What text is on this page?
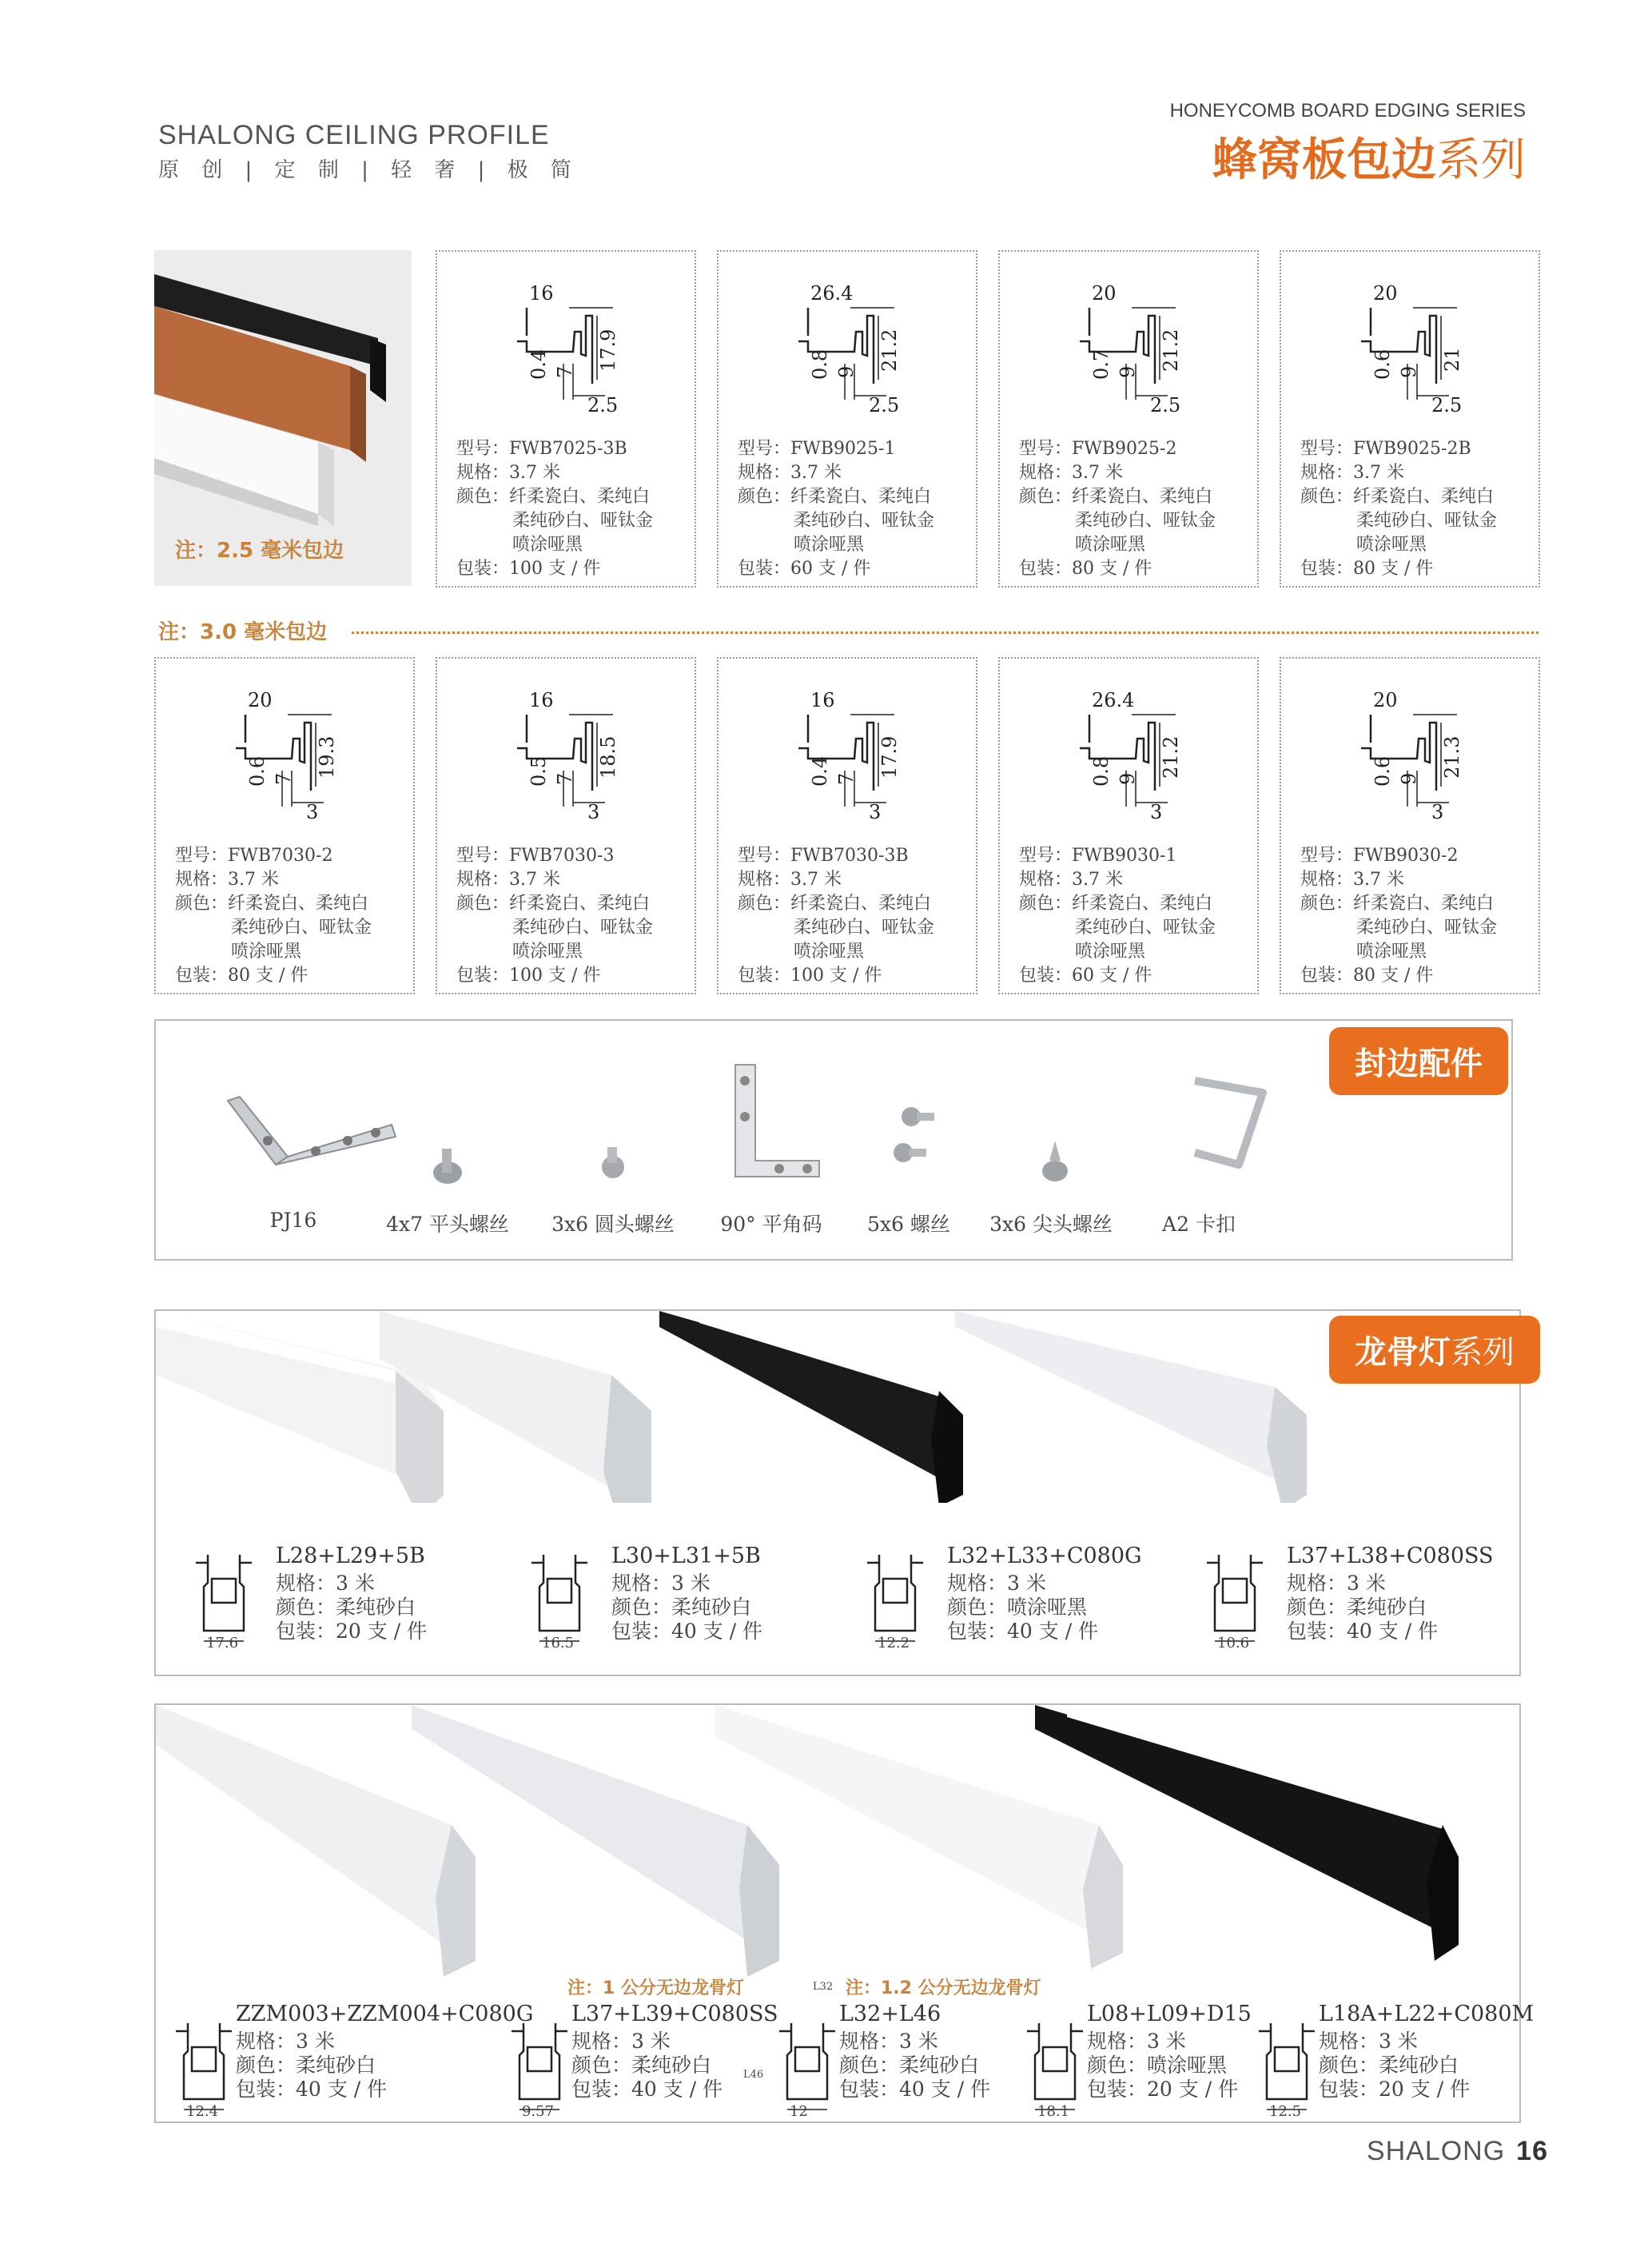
SHALONG CEILING PROFILE
原 创 | 定 制 | 轻 奢 | 极 简
HONEYCOMB BOARD EDGING SERIES
蜂窝板包边系列
注：2.5 毫米包边
16
17.9
0.4 7
2.5
型号：FWB7025-3B
规格：3.7 米
颜色：纤柔瓷白、柔纯白
柔纯砂白、哑钛金
喷涂哑黑
包装：100 支 / 件
26.4
21.2
0.8 9
2.5
型号：FWB9025-1
规格：3.7 米
颜色：纤柔瓷白、柔纯白
柔纯砂白、哑钛金
喷涂哑黑
包装：60 支 / 件
20
21.2
0.7 9
2.5
型号：FWB9025-2
规格：3.7 米
颜色：纤柔瓷白、柔纯白
柔纯砂白、哑钛金
喷涂哑黑
包装：80 支 / 件
20
21
0.6 9
2.5
型号：FWB9025-2B
规格：3.7 米
颜色：纤柔瓷白、柔纯白
柔纯砂白、哑钛金
喷涂哑黑
包装：80 支 / 件
注：3.0 毫米包边
20
19.3
0.6 7
3
型号：FWB7030-2
规格：3.7 米
颜色：纤柔瓷白、柔纯白
柔纯砂白、哑钛金
喷涂哑黑
包装：80 支 / 件
16
18.5
0.5 7
3
型号：FWB7030-3
规格：3.7 米
颜色：纤柔瓷白、柔纯白
柔纯砂白、哑钛金
喷涂哑黑
包装：100 支 / 件
16
17.9
0.4 7
3
型号：FWB7030-3B
规格：3.7 米
颜色：纤柔瓷白、柔纯白
柔纯砂白、哑钛金
喷涂哑黑
包装：100 支 / 件
26.4
21.2
0.8 9
3
型号：FWB9030-1
规格：3.7 米
颜色：纤柔瓷白、柔纯白
柔纯砂白、哑钛金
喷涂哑黑
包装：60 支 / 件
20
21.3
0.6 9
3
型号：FWB9030-2
规格：3.7 米
颜色：纤柔瓷白、柔纯白
柔纯砂白、哑钛金
喷涂哑黑
包装：80 支 / 件
封边配件
PJ16	4x7 平头螺丝 3x6 圆头螺丝 90° 平角码 5x6 螺丝 3x6 尖头螺丝 A2 卡扣
龙骨灯系列
17.6
L28+L29+5B
规格：3 米
颜色：柔纯砂白
包装：20 支 / 件
16.5
L30+L31+5B
规格：3 米
颜色：柔纯砂白
包装：40 支 / 件
12.2
L32+L33+C080G
规格：3 米
颜色：喷涂哑黑
包装：40 支 / 件
10.6
L37+L38+C080SS
规格：3 米
颜色：柔纯砂白
包装：40 支 / 件
注：1 公分无边龙骨灯	注：1.2 公分无边龙骨灯
L32
L46
12.4
ZZM003+ZZM004+C080G
规格：3 米
颜色：柔纯砂白
包装：40 支 / 件
9.57
L37+L39+C080SS
规格：3 米
颜色：柔纯砂白
包装：40 支 / 件
12
L32+L46
规格：3 米
颜色：柔纯砂白
包装：40 支 / 件
18.1
L08+L09+D15
规格：3 米
颜色：喷涂哑黑
包装：20 支 / 件
12.5
L18A+L22+C080M
规格：3 米
颜色：柔纯砂白
包装：20 支 / 件
SHALONG 16
